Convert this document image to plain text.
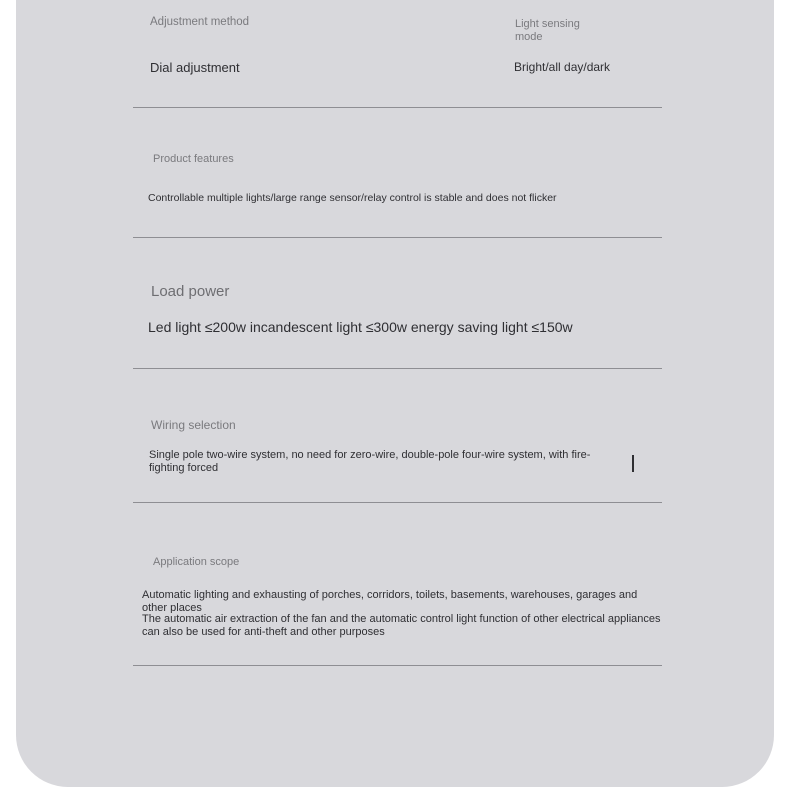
Adjustment method
Dial adjustment
Light sensing mode
Bright/all day/dark
Product features
Controllable multiple lights/large range sensor/relay control is stable and does not flicker
Load power
Led light ≤200w incandescent light ≤300w energy saving light ≤150w
Wiring selection
Single pole two-wire system, no need for zero-wire, double-pole four-wire system, with fire-fighting forced
Application scope
Automatic lighting and exhausting of porches, corridors, toilets, basements, warehouses, garages and other places
The automatic air extraction of the fan and the automatic control light function of other electrical appliances can also be used for anti-theft and other purposes
